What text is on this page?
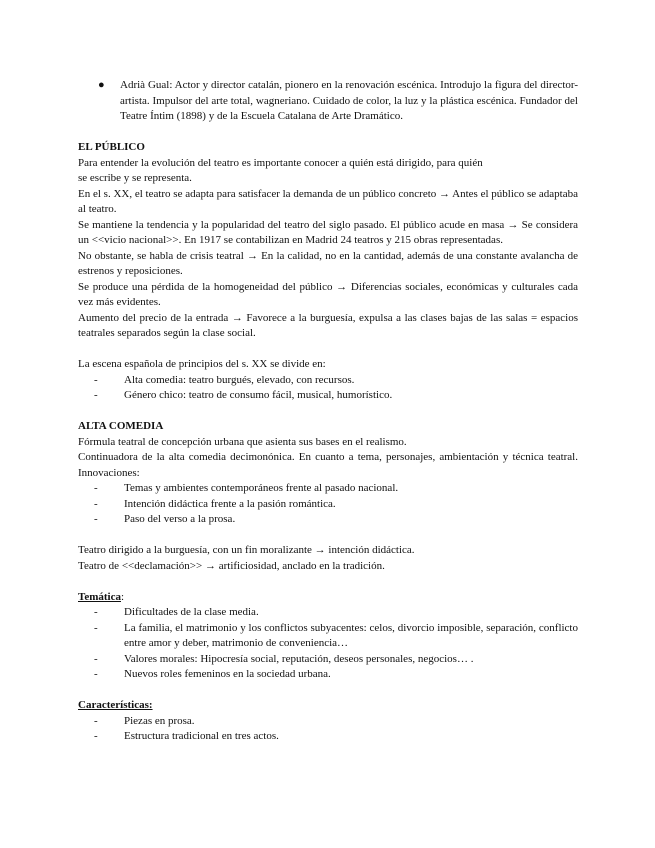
●	Adrià Gual: Actor y director catalán, pionero en la renovación escénica. Introdujo la figura del director-artista. Impulsor del arte total, wagneriano. Cuidado de color, la luz y la plástica escénica. Fundador del Teatre Íntim (1898) y de la Escuela Catalana de Arte Dramático.
EL PÚBLICO

Para entender la evolución del teatro es importante conocer a quién está dirigido, para quién

se escribe y se representa.

En el s. XX, el teatro se adapta para satisfacer la demanda de un público concreto → Antes el público se adaptaba al teatro.

Se mantiene la tendencia y la popularidad del teatro del siglo pasado. El público acude en masa → Se considera un <<vicio nacional>>. En 1917 se contabilizan en Madrid 24 teatros y 215 obras representadas.

No obstante, se habla de crisis teatral → En la calidad, no en la cantidad, además de una constante avalancha de estrenos y reposiciones.

Se produce una pérdida de la homogeneidad del público → Diferencias sociales, económicas y culturales cada vez más evidentes.

Aumento del precio de la entrada → Favorece a la burguesía, expulsa a las clases bajas de las salas = espacios teatrales separados según la clase social.

La escena española de principios del s. XX se divide en:

-	Alta comedia: teatro burgués, elevado, con recursos.
-	Género chico: teatro de consumo fácil, musical, humorístico.
ALTA COMEDIA

Fórmula teatral de concepción urbana que asienta sus bases en el realismo.

Continuadora de la alta comedia decimonónica. En cuanto a tema, personajes, ambientación y técnica teatral. Innovaciones:

-	Temas y ambientes contemporáneos frente al pasado nacional.
-	Intención didáctica frente a la pasión romántica.
-	Paso del verso a la prosa.

Teatro dirigido a la burguesía, con un fin moralizante → intención didáctica.

Teatro de <<declamación>> → artificiosidad, anclado en la tradición.

Temática:

-	Dificultades de la clase media.
-	La familia, el matrimonio y los conflictos subyacentes: celos, divorcio imposible, separación, conflicto entre amor y deber, matrimonio de conveniencia…
-	Valores morales: Hipocresía social, reputación, deseos personales, negocios… .
-	Nuevos roles femeninos en la sociedad urbana.

Características:

-	Piezas en prosa.
-	Estructura tradicional en tres actos.
